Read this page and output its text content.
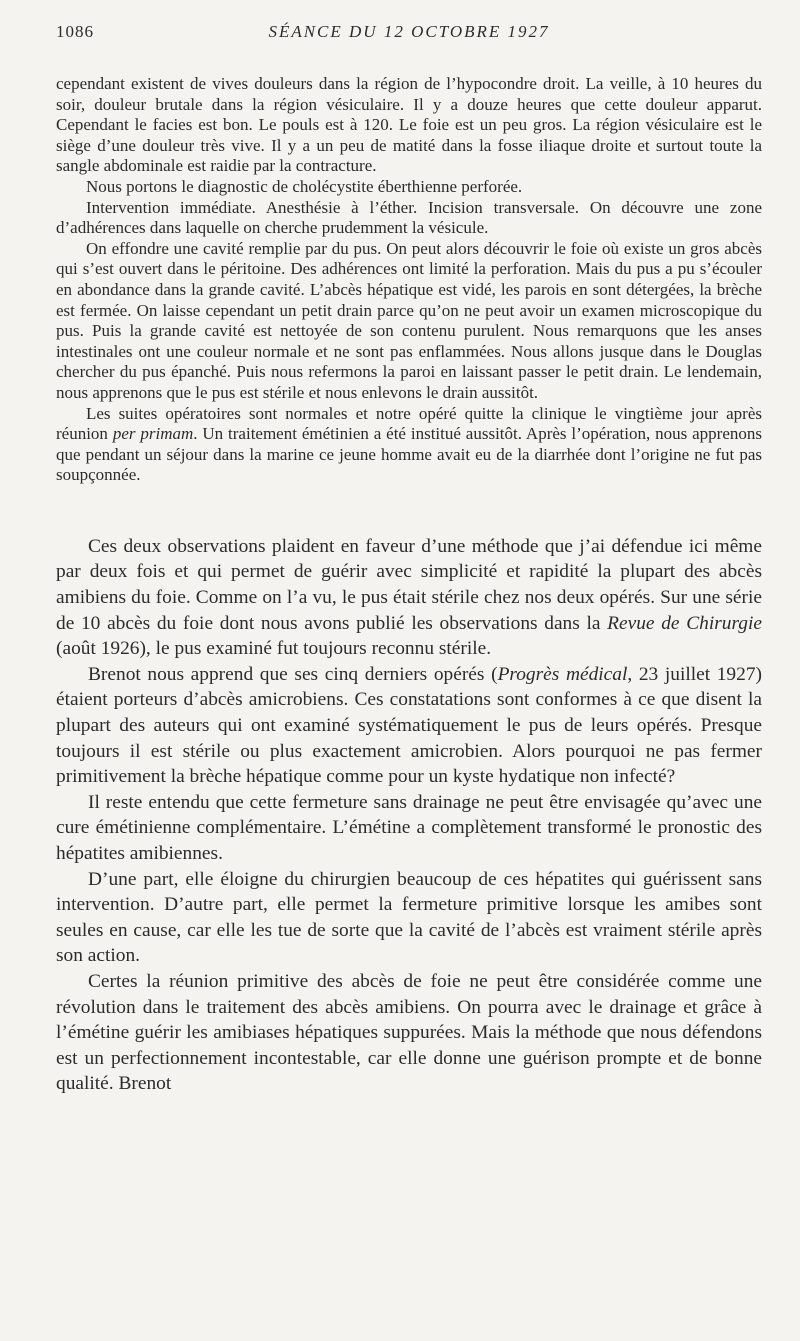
1086	SÉANCE DU 12 OCTOBRE 1927

cependant existent de vives douleurs dans la région de l’hypocondre droit. La veille, à 10 heures du soir, douleur brutale dans la région vésiculaire. Il y a douze heures que cette douleur apparut. Cependant le facies est bon. Le pouls est à 120. Le foie est un peu gros. La région vésiculaire est le siège d’une douleur très vive. Il y a un peu de matité dans la fosse iliaque droite et surtout toute la sangle abdominale est raidie par la contracture.

Nous portons le diagnostic de cholécystite éberthienne perforée.

Intervention immédiate. Anesthésie à l’éther. Incision transversale. On découvre une zone d’adhérences dans laquelle on cherche prudemment la vésicule.

On effondre une cavité remplie par du pus. On peut alors découvrir le foie où existe un gros abcès qui s’est ouvert dans le péritoine. Des adhérences ont limité la perforation. Mais du pus a pu s’écouler en abondance dans la grande cavité. L’abcès hépatique est vidé, les parois en sont détergées, la brèche est fermée. On laisse cependant un petit drain parce qu’on ne peut avoir un examen microscopique du pus. Puis la grande cavité est nettoyée de son contenu purulent. Nous remarquons que les anses intestinales ont une couleur normale et ne sont pas enflammées. Nous allons jusque dans le Douglas chercher du pus épanché. Puis nous refermons la paroi en laissant passer le petit drain. Le lendemain, nous apprenons que le pus est stérile et nous enlevons le drain aussitôt.

Les suites opératoires sont normales et notre opéré quitte la clinique le vingtième jour après réunion per primam. Un traitement émétinien a été institué aussitôt. Après l’opération, nous apprenons que pendant un séjour dans la marine ce jeune homme avait eu de la diarrhée dont l’origine ne fut pas soupçonnée.

Ces deux observations plaident en faveur d’une méthode que j’ai défendue ici même par deux fois et qui permet de guérir avec simplicité et rapidité la plupart des abcès amibiens du foie. Comme on l’a vu, le pus était stérile chez nos deux opérés. Sur une série de 10 abcès du foie dont nous avons publié les observations dans la Revue de Chirurgie (août 1926), le pus examiné fut toujours reconnu stérile.

Brenot nous apprend que ses cinq derniers opérés (Progrès médical, 23 juillet 1927) étaient porteurs d’abcès amicrobiens. Ces constatations sont conformes à ce que disent la plupart des auteurs qui ont examiné systématiquement le pus de leurs opérés. Presque toujours il est stérile ou plus exactement amicrobien. Alors pourquoi ne pas fermer primitivement la brèche hépatique comme pour un kyste hydatique non infecté?

Il reste entendu que cette fermeture sans drainage ne peut être envisagée qu’avec une cure émétinienne complémentaire. L’émétine a complètement transformé le pronostic des hépatites amibiennes.

D’une part, elle éloigne du chirurgien beaucoup de ces hépatites qui guérissent sans intervention. D’autre part, elle permet la fermeture primitive lorsque les amibes sont seules en cause, car elle les tue de sorte que la cavité de l’abcès est vraiment stérile après son action.

Certes la réunion primitive des abcès de foie ne peut être considérée comme une révolution dans le traitement des abcès amibiens. On pourra avec le drainage et grâce à l’émétine guérir les amibiases hépatiques suppurées. Mais la méthode que nous défendons est un perfectionnement incontestable, car elle donne une guérison prompte et de bonne qualité. Brenot
